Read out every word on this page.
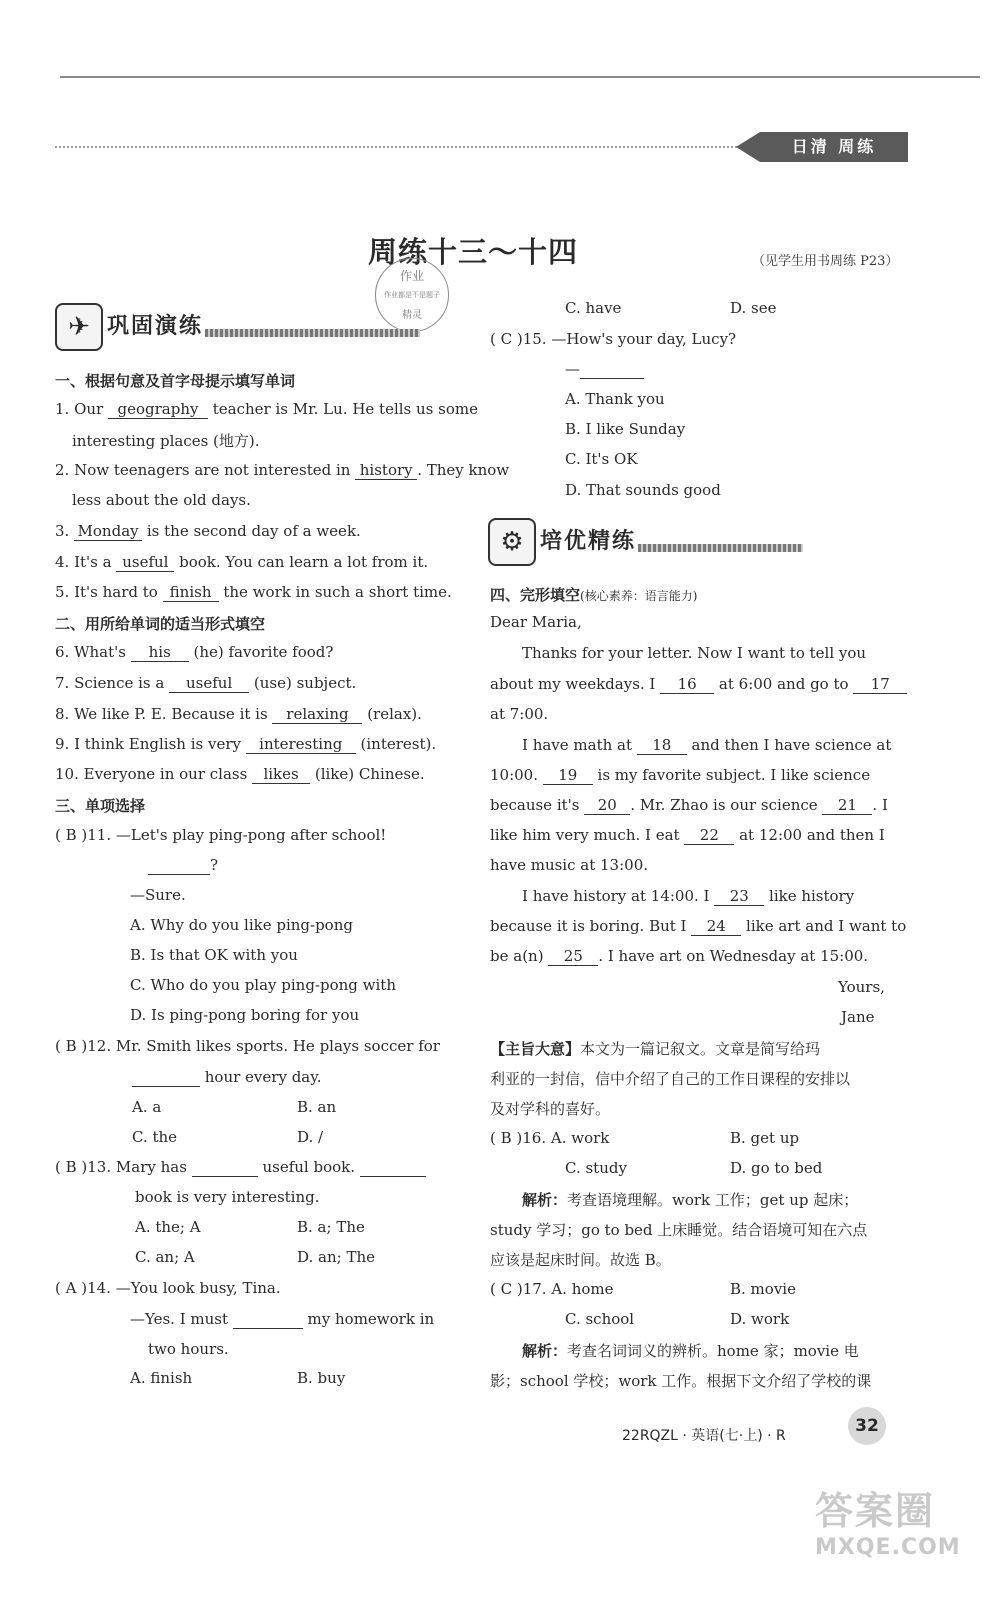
日清 周练
周练十三～十四	（见学生用书周练 P23）
作业
作业都是不是题子
精灵
✈ 巩固演练
一、根据句意及首字母提示填写单词
1. Our geography teacher is Mr. Lu. He tells us some
interesting places (地方).
2. Now teenagers are not interested in history . They know
less about the old days.
3. Monday is the second day of a week.
4. It's a useful book. You can learn a lot from it.
5. It's hard to finish the work in such a short time.
二、用所给单词的适当形式填空
6. What's his (he) favorite food?
7. Science is a useful (use) subject.
8. We like P. E. Because it is relaxing (relax).
9. I think English is very interesting (interest).
10. Everyone in our class likes (like) Chinese.
三、单项选择
( B )11. —Let's play ping-pong after school!
?
—Sure.
A. Why do you like ping-pong
B. Is that OK with you
C. Who do you play ping-pong with
D. Is ping-pong boring for you
( B )12. Mr. Smith likes sports. He plays soccer for
hour every day.
A. a	B. an
C. the	D. /
( B )13. Mary has	useful book.
book is very interesting.
A. the; A	B. a; The
C. an; A	D. an; The
( A )14. —You look busy, Tina.
—Yes. I must	my homework in
two hours.
A. finish	B. buy
C. have	D. see
( C )15. —How's your day, Lucy?
—
A. Thank you
B. I like Sunday
C. It's OK
D. That sounds good
⚙ 培优精练
四、完形填空(核心素养：语言能力)
Dear Maria,
Thanks for your letter. Now I want to tell you
about my weekdays. I 16 at 6:00 and go to 17
at 7:00.
I have math at 18 and then I have science at
10:00. 19 is my favorite subject. I like science
because it's 20 . Mr. Zhao is our science 21 . I
like him very much. I eat 22 at 12:00 and then I
have music at 13:00.
I have history at 14:00. I 23 like history
because it is boring. But I 24 like art and I want to
be a(n) 25 . I have art on Wednesday at 15:00.
Yours,
Jane
【主旨大意】本文为一篇记叙文。文章是简写给玛
利亚的一封信，信中介绍了自己的工作日课程的安排以
及对学科的喜好。
( B )16. A. work	B. get up
C. study	D. go to bed
解析：考查语境理解。work 工作；get up 起床；
study 学习；go to bed 上床睡觉。结合语境可知在六点
应该是起床时间。故选 B。
( C )17. A. home	B. movie
C. school	D. work
解析：考查名词词义的辨析。home 家；movie 电
影；school 学校；work 工作。根据下文介绍了学校的课
22RQZL · 英语(七·上) · R	32
答案圈
MXQE.COM
